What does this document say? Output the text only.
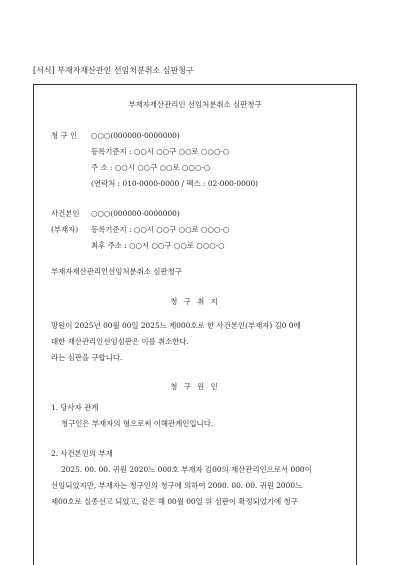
[서식] 부재자재산관인 선임처분취소 심판청구
부재자재산관리인 선임처분취소 심판청구
청 구 인 ○○○(000000-0000000)
등록기준지 : ○○시 ○○구 ○○로 ○○○-○
주 소 : ○○시 ○○구 ○○로 ○○○-○
(연락처 : 010-0000-0000 / 팩스 : 02-000-0000)
사건본인 ○○○(000000-0000000)
(부재자) 등록기준지 : ○○시 ○○구 ○○로 ○○○-○
최후 주소 : ○○시 ○○구 ○○로 ○○○-○
부재자재산관리인선임처분취소 심판청구
청 구 취 지
망원이 2025년 00월 00일 2025느 제000호로 한 사건본인(부재자) 김0 0에
대한 재산관리인선임심판은 이를 취소한다.
라는 심판을 구합니다.
청 구 원 인
1. 당사자 관계
청구인은 부재자의 형으로써 이해관계인입니다.
2. 사건본인의 부재
2025. 00. 00. 귀원 2020느 000호 부재자 김00의 재산관리인으로서 000이
선임되었지만, 부재자는 청구인의 청구에 의하여 2000. 00. 00. 귀원 2000느
제00호로 실종선고 되었고, 같은 해 00월 00일 위 심판이 확정되었기에 청구
